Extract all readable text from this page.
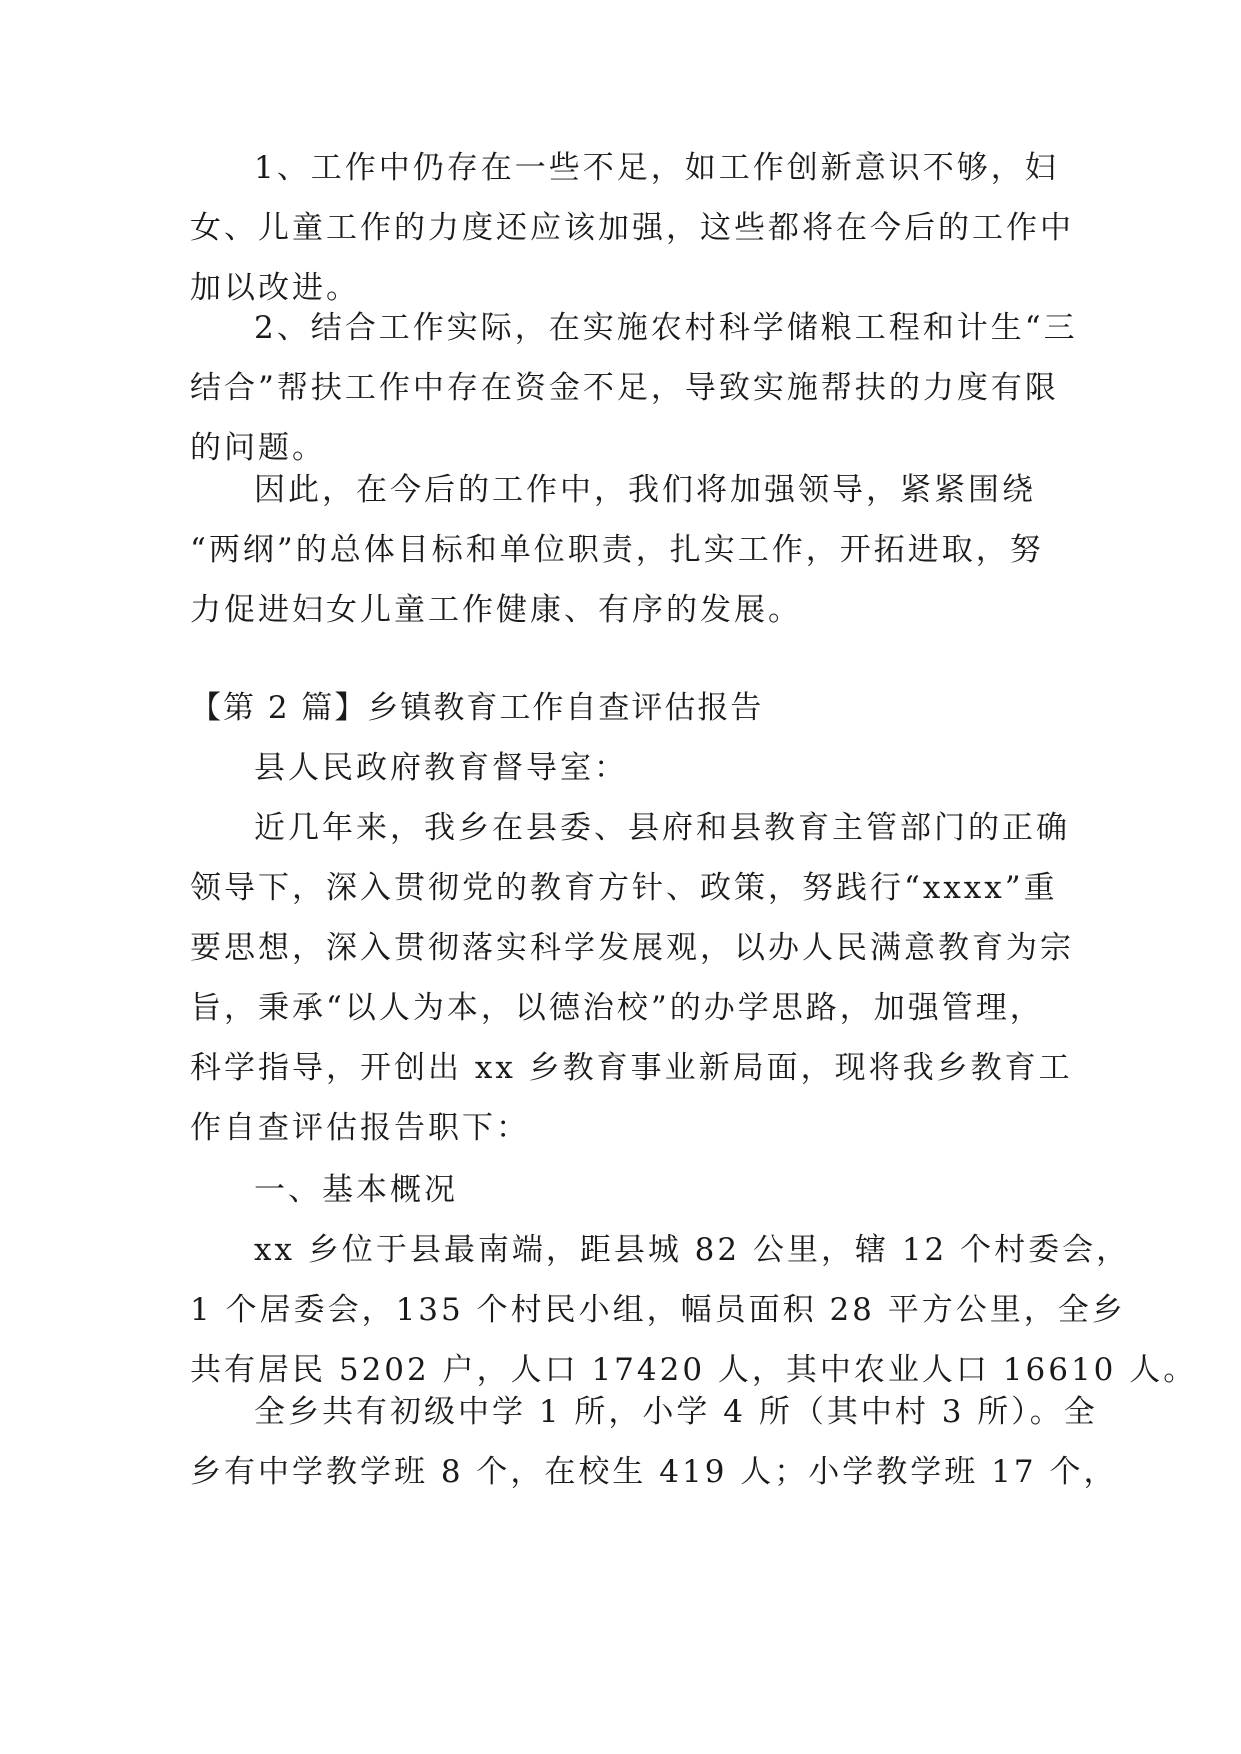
1、工作中仍存在一些不足，如工作创新意识不够，妇
女、儿童工作的力度还应该加强，这些都将在今后的工作中
加以改进。
2、结合工作实际，在实施农村科学储粮工程和计生“三
结合”帮扶工作中存在资金不足，导致实施帮扶的力度有限
的问题。
因此，在今后的工作中，我们将加强领导，紧紧围绕
“两纲”的总体目标和单位职责，扎实工作，开拓进取，努
力促进妇女儿童工作健康、有序的发展。
【第 2 篇】乡镇教育工作自查评估报告
县人民政府教育督导室：
近几年来，我乡在县委、县府和县教育主管部门的正确
领导下，深入贯彻党的教育方针、政策，努践行“xxxx”重
要思想，深入贯彻落实科学发展观，以办人民满意教育为宗
旨，秉承“以人为本，以德治校”的办学思路，加强管理，
科学指导，开创出 xx 乡教育事业新局面，现将我乡教育工
作自查评估报告职下：
一、基本概况
xx 乡位于县最南端，距县城 82 公里，辖 12 个村委会，
1 个居委会，135 个村民小组，幅员面积 28 平方公里，全乡
共有居民 5202 户，人口 17420 人，其中农业人口 16610 人。
全乡共有初级中学 1 所，小学 4 所（其中村 3 所）。全
乡有中学教学班 8 个，在校生 419 人；小学教学班 17 个，
